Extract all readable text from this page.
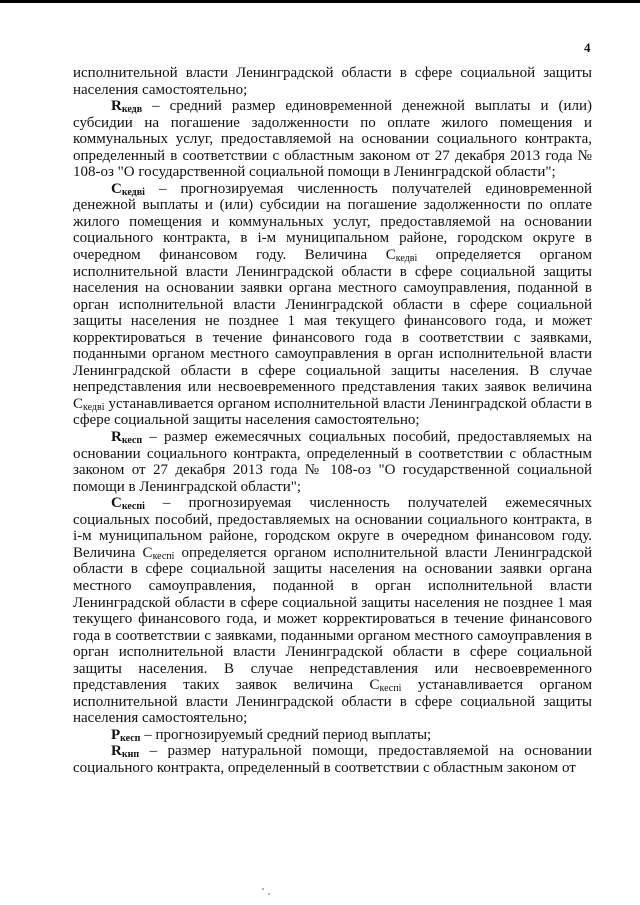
4

исполнительной власти Ленинградской области в сфере социальной защиты населения самостоятельно;

$R_{кедв}$ – средний размер единовременной денежной выплаты и (или) субсидии на погашение задолженности по оплате жилого помещения и коммунальных услуг, предоставляемой на основании социального контракта, определенный в соответствии с областным законом от 27 декабря 2013 года № 108-оз "О государственной социальной помощи в Ленинградской области";

$C_{кедвi}$ – прогнозируемая численность получателей единовременной денежной выплаты и (или) субсидии на погашение задолженности по оплате жилого помещения и коммунальных услуг, предоставляемой на основании социального контракта, в i-м муниципальном районе, городском округе в очередном финансовом году. Величина $C_{кедвi}$ определяется органом исполнительной власти Ленинградской области в сфере социальной защиты населения на основании заявки органа местного самоуправления, поданной в орган исполнительной власти Ленинградской области в сфере социальной защиты населения не позднее 1 мая текущего финансового года, и может корректироваться в течение финансового года в соответствии с заявками, поданными органом местного самоуправления в орган исполнительной власти Ленинградской области в сфере социальной защиты населения. В случае непредставления или несвоевременного представления таких заявок величина $C_{кедвi}$ устанавливается органом исполнительной власти Ленинградской области в сфере социальной защиты населения самостоятельно;

$R_{кесп}$ – размер ежемесячных социальных пособий, предоставляемых на основании социального контракта, определенный в соответствии с областным законом от 27 декабря 2013 года № 108-оз "О государственной социальной помощи в Ленинградской области";

$C_{кеспi}$ – прогнозируемая численность получателей ежемесячных социальных пособий, предоставляемых на основании социального контракта, в i-м муниципальном районе, городском округе в очередном финансовом году. Величина $C_{кеспi}$ определяется органом исполнительной власти Ленинградской области в сфере социальной защиты населения на основании заявки органа местного самоуправления, поданной в орган исполнительной власти Ленинградской области в сфере социальной защиты населения не позднее 1 мая текущего финансового года, и может корректироваться в течение финансового года в соответствии с заявками, поданными органом местного самоуправления в орган исполнительной власти Ленинградской области в сфере социальной защиты населения. В случае непредставления или несвоевременного представления таких заявок величина $C_{кеспi}$ устанавливается органом исполнительной власти Ленинградской области в сфере социальной защиты населения самостоятельно;

$P_{кесп}$ – прогнозируемый средний период выплаты;

$R_{кнп}$ – размер натуральной помощи, предоставляемой на основании социального контракта, определенный в соответствии с областным законом от
